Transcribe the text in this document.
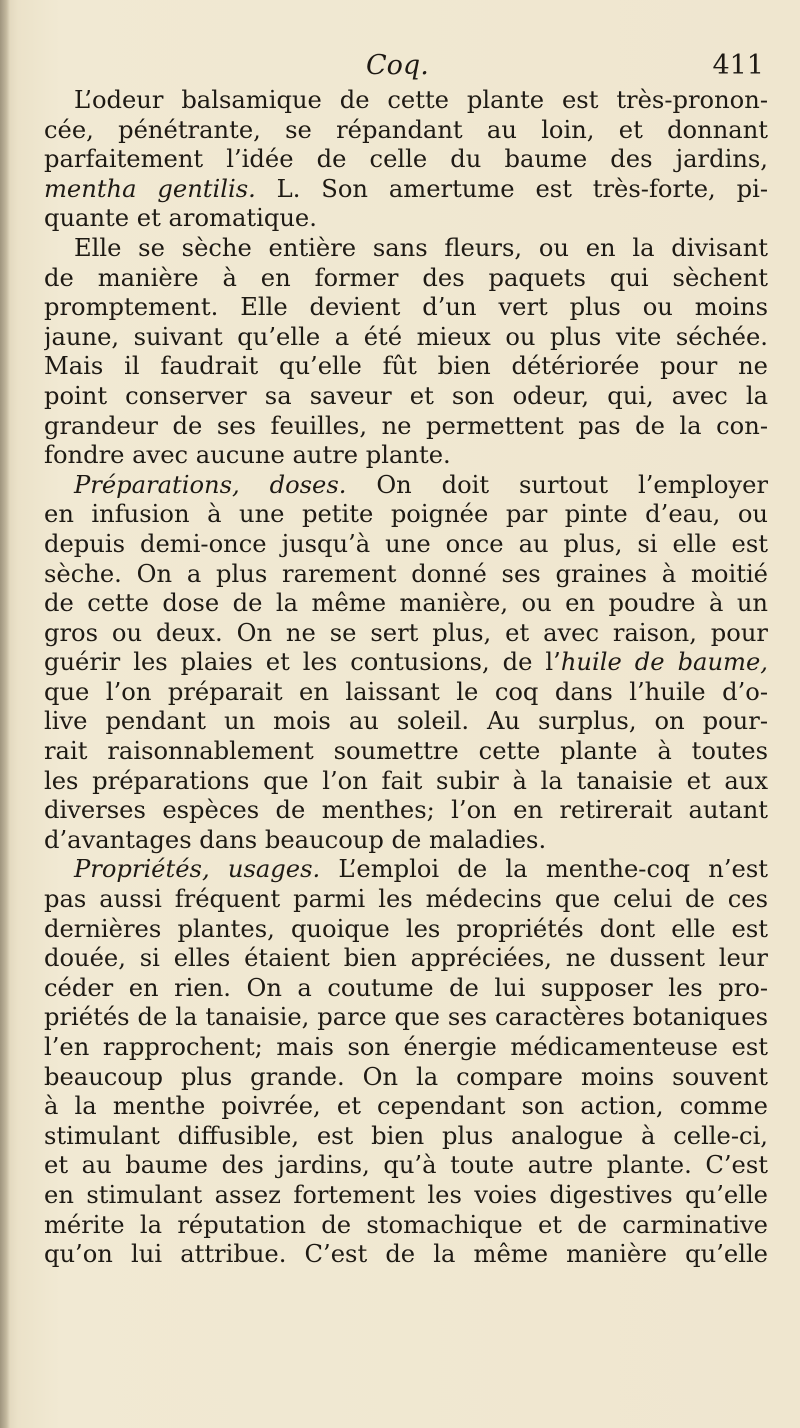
Coq.	411
L’odeur balsamique de cette plante est très-pronon-
cée, pénétrante, se répandant au loin, et donnant
parfaitement l’idée de celle du baume des jardins,
mentha gentilis. L. Son amertume est très-forte, pi-
quante et aromatique.
Elle se sèche entière sans fleurs, ou en la divisant
de manière à en former des paquets qui sèchent
promptement. Elle devient d’un vert plus ou moins
jaune, suivant qu’elle a été mieux ou plus vite séchée.
Mais il faudrait qu’elle fût bien détériorée pour ne
point conserver sa saveur et son odeur, qui, avec la
grandeur de ses feuilles, ne permettent pas de la con-
fondre avec aucune autre plante.
Préparations, doses. On doit surtout l’employer
en infusion à une petite poignée par pinte d’eau, ou
depuis demi-once jusqu’à une once au plus, si elle est
sèche. On a plus rarement donné ses graines à moitié
de cette dose de la même manière, ou en poudre à un
gros ou deux. On ne se sert plus, et avec raison, pour
guérir les plaies et les contusions, de l’huile de baume,
que l’on préparait en laissant le coq dans l’huile d’o-
live pendant un mois au soleil. Au surplus, on pour-
rait raisonnablement soumettre cette plante à toutes
les préparations que l’on fait subir à la tanaisie et aux
diverses espèces de menthes; l’on en retirerait autant
d’avantages dans beaucoup de maladies.
Propriétés, usages. L’emploi de la menthe-coq n’est
pas aussi fréquent parmi les médecins que celui de ces
dernières plantes, quoique les propriétés dont elle est
douée, si elles étaient bien appréciées, ne dussent leur
céder en rien. On a coutume de lui supposer les pro-
priétés de la tanaisie, parce que ses caractères botaniques
l’en rapprochent; mais son énergie médicamenteuse est
beaucoup plus grande. On la compare moins souvent
à la menthe poivrée, et cependant son action, comme
stimulant diffusible, est bien plus analogue à celle-ci,
et au baume des jardins, qu’à toute autre plante. C’est
en stimulant assez fortement les voies digestives qu’elle
mérite la réputation de stomachique et de carminative
qu’on lui attribue. C’est de la même manière qu’elle
